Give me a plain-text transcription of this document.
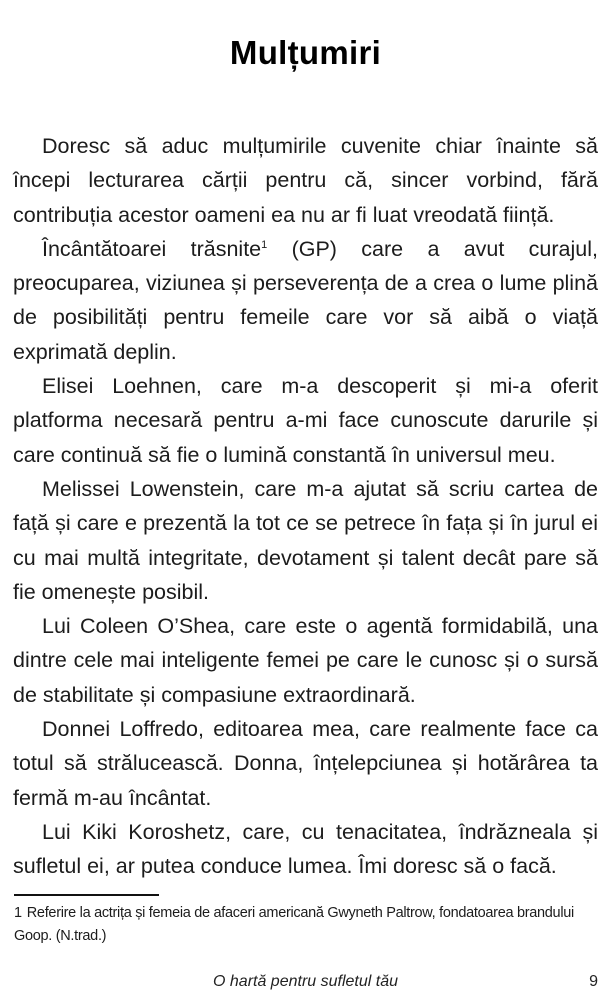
Mulțumiri

Doresc să aduc mulțumirile cuvenite chiar înainte să începi lecturarea cărții pentru că, sincer vorbind, fără contribuția acestor oameni ea nu ar fi luat vreodată ființă.

Încântătoarei trăsnite$^1$ (GP) care a avut curajul, preocuparea, viziunea și perseverența de a crea o lume plină de posibilități pentru femeile care vor să aibă o viață exprimată deplin.

Elisei Loehnen, care m-a descoperit și mi-a oferit platforma necesară pentru a-mi face cunoscute darurile și care continuă să fie o lumină constantă în universul meu.

Melissei Lowenstein, care m-a ajutat să scriu cartea de față și care e prezentă la tot ce se petrece în fața și în jurul ei cu mai multă integritate, devotament și talent decât pare să fie omenește posibil.

Lui Coleen O’Shea, care este o agentă formidabilă, una dintre cele mai inteligente femei pe care le cunosc și o sursă de stabilitate și compasiune extraordinară.

Donnei Loffredo, editoarea mea, care realmente face ca totul să strălucească. Donna, înțelepciunea și hotărârea ta fermă m-au încântat.

Lui Kiki Koroshetz, care, cu tenacitatea, îndrăzneala și sufletul ei, ar putea conduce lumea. Îmi doresc să o facă.

1 Referire la actrița și femeia de afaceri americană Gwyneth Paltrow, fondatoarea brandului Goop. (N.trad.)
O hartă pentru sufletul tău	9
